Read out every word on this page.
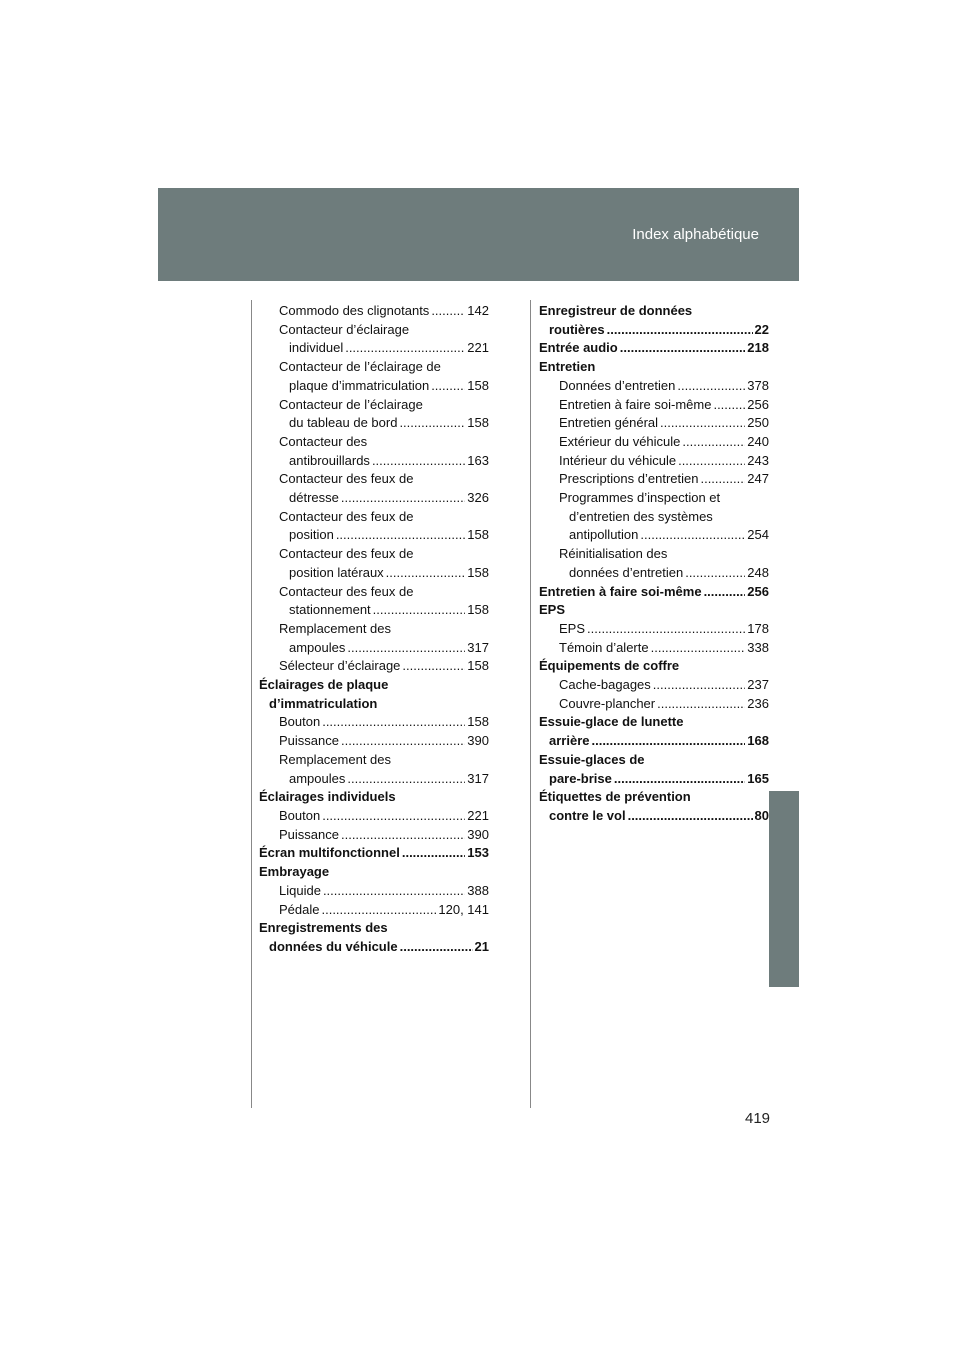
Index alphabétique
Commodo des clignotants .....	142
Contacteur d’éclairage
individuel .....	221
Contacteur de l’éclairage de
plaque d’immatriculation .....	158
Contacteur de l’éclairage
du tableau de bord .....	158
Contacteur des
antibrouillards .....	163
Contacteur des feux de
détresse .....	326
Contacteur des feux de
position .....	158
Contacteur des feux de
position latéraux .....	158
Contacteur des feux de
stationnement .....	158
Remplacement des
ampoules .....	317
Sélecteur d’éclairage .....	158
Éclairages de plaque
d’immatriculation
Bouton .....	158
Puissance .....	390
Remplacement des
ampoules .....	317
Éclairages individuels
Bouton .....	221
Puissance .....	390
Écran multifonctionnel .....	153
Embrayage
Liquide .....	388
Pédale .....	120, 141
Enregistrements des
données du véhicule .....	21
Enregistreur de données
routières .....	22
Entrée audio .....	218
Entretien
Données d’entretien .....	378
Entretien à faire soi-même .....	256
Entretien général .....	250
Extérieur du véhicule .....	240
Intérieur du véhicule .....	243
Prescriptions d’entretien .....	247
Programmes d’inspection et
d’entretien des systèmes
antipollution .....	254
Réinitialisation des
données d’entretien .....	248
Entretien à faire soi-même .....	256
EPS
EPS .....	178
Témoin d’alerte .....	338
Équipements de coffre
Cache-bagages .....	237
Couvre-plancher .....	236
Essuie-glace de lunette
arrière .....	168
Essuie-glaces de
pare-brise .....	165
Étiquettes de prévention
contre le vol .....	80
419
